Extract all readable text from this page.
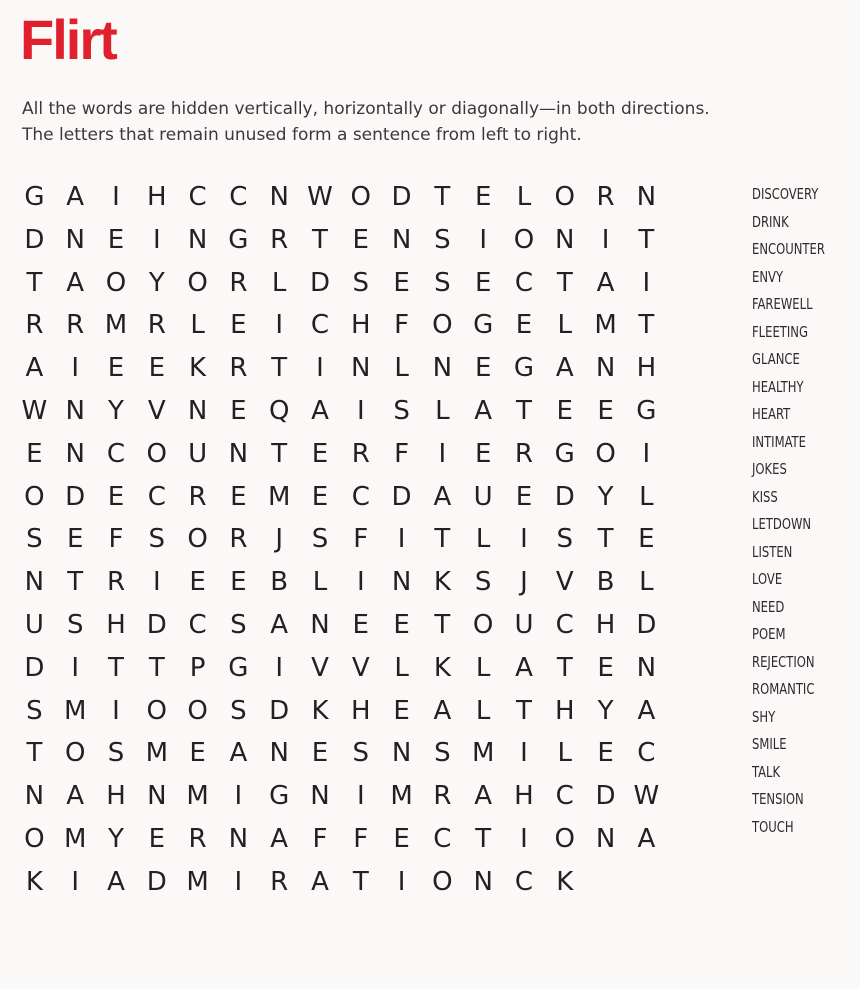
Flirt

All the words are hidden vertically, horizontally or diagonally—in both directions. The letters that remain unused form a sentence from left to right.

G A	I	H C C N W O D T E L O R N
D N E	I	N G R T E N S	I	O N	I	T
T A O Y O R L D S E S E C T A	I
R R M R L E	I	C H F O G E L M T
A	I	E E K R T	I	N L N E G A N H
W N Y V N E Q A	I	S L A T E E G
E N C O U N T E R F	I	E R G O	I
O D E C R E M E C D A U E D Y L
S E F S O R	J	S F	I	T L	I	S T E
N T R	I	E E B L	I	N K S	J	V B L
U S H D C S A N E E T O U C H D
D	I	T T P G	I	V V L K L A T E N
S M I	O O S D K H E A L T H Y A
T O S M E A N E S N S M I	L E C
N A H N M I	G N	I M R A H C D W
O M Y E R N A F F E C T	I	O N A
K	I	A D M I	R A T	I	O N C K
DISCOVERY
DRINK
ENCOUNTER
ENVY
FAREWELL
FLEETING
GLANCE
HEALTHY
HEART
INTIMATE
JOKES
KISS
LETDOWN
LISTEN
LOVE
NEED
POEM
REJECTION
ROMANTIC
SHY
SMILE
TALK
TENSION
TOUCH
